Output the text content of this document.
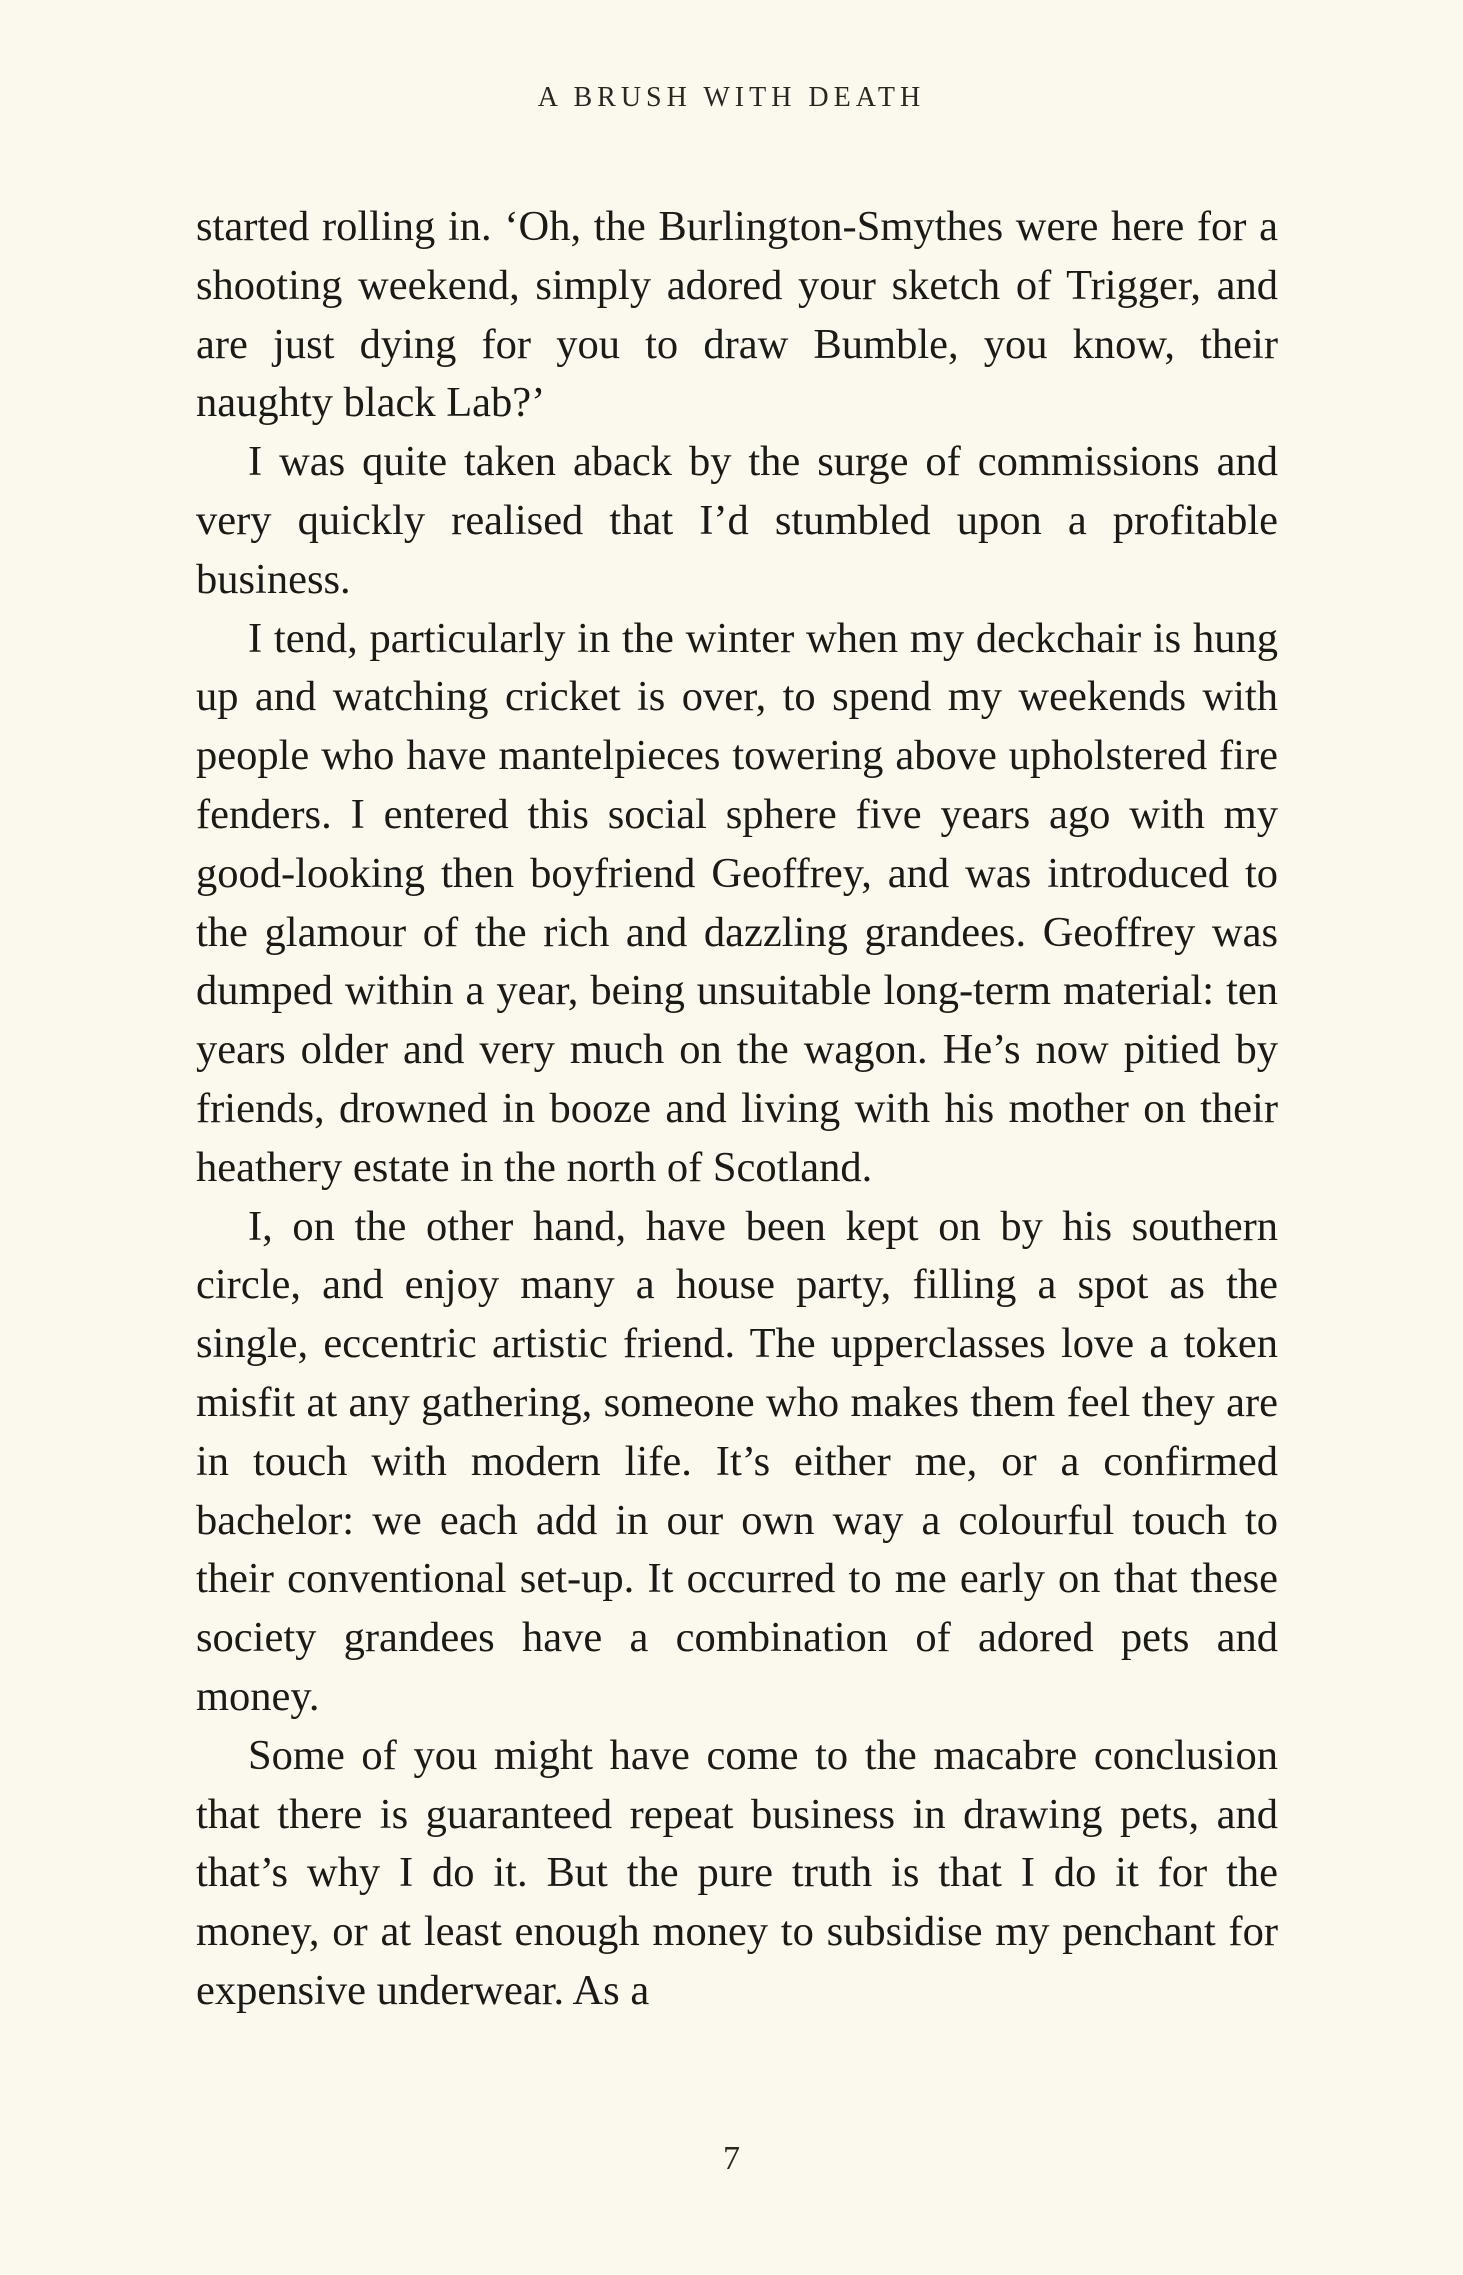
A BRUSH WITH DEATH

started rolling in. ‘Oh, the Burlington-Smythes were here for a shooting weekend, simply adored your sketch of Trigger, and are just dying for you to draw Bumble, you know, their naughty black Lab?’

I was quite taken aback by the surge of commissions and very quickly realised that I’d stumbled upon a profitable business.

I tend, particularly in the winter when my deckchair is hung up and watching cricket is over, to spend my weekends with people who have mantelpieces towering above upholstered fire fenders. I entered this social sphere five years ago with my good-looking then boyfriend Geoffrey, and was introduced to the glamour of the rich and dazzling grandees. Geoffrey was dumped within a year, being unsuitable long-term material: ten years older and very much on the wagon. He’s now pitied by friends, drowned in booze and living with his mother on their heathery estate in the north of Scotland.

I, on the other hand, have been kept on by his southern circle, and enjoy many a house party, filling a spot as the single, eccentric artistic friend. The upperclasses love a token misfit at any gathering, someone who makes them feel they are in touch with modern life. It’s either me, or a confirmed bachelor: we each add in our own way a colourful touch to their conventional set-up. It occurred to me early on that these society grandees have a combination of adored pets and money.

Some of you might have come to the macabre conclusion that there is guaranteed repeat business in drawing pets, and that’s why I do it. But the pure truth is that I do it for the money, or at least enough money to subsidise my penchant for expensive underwear. As a

7
